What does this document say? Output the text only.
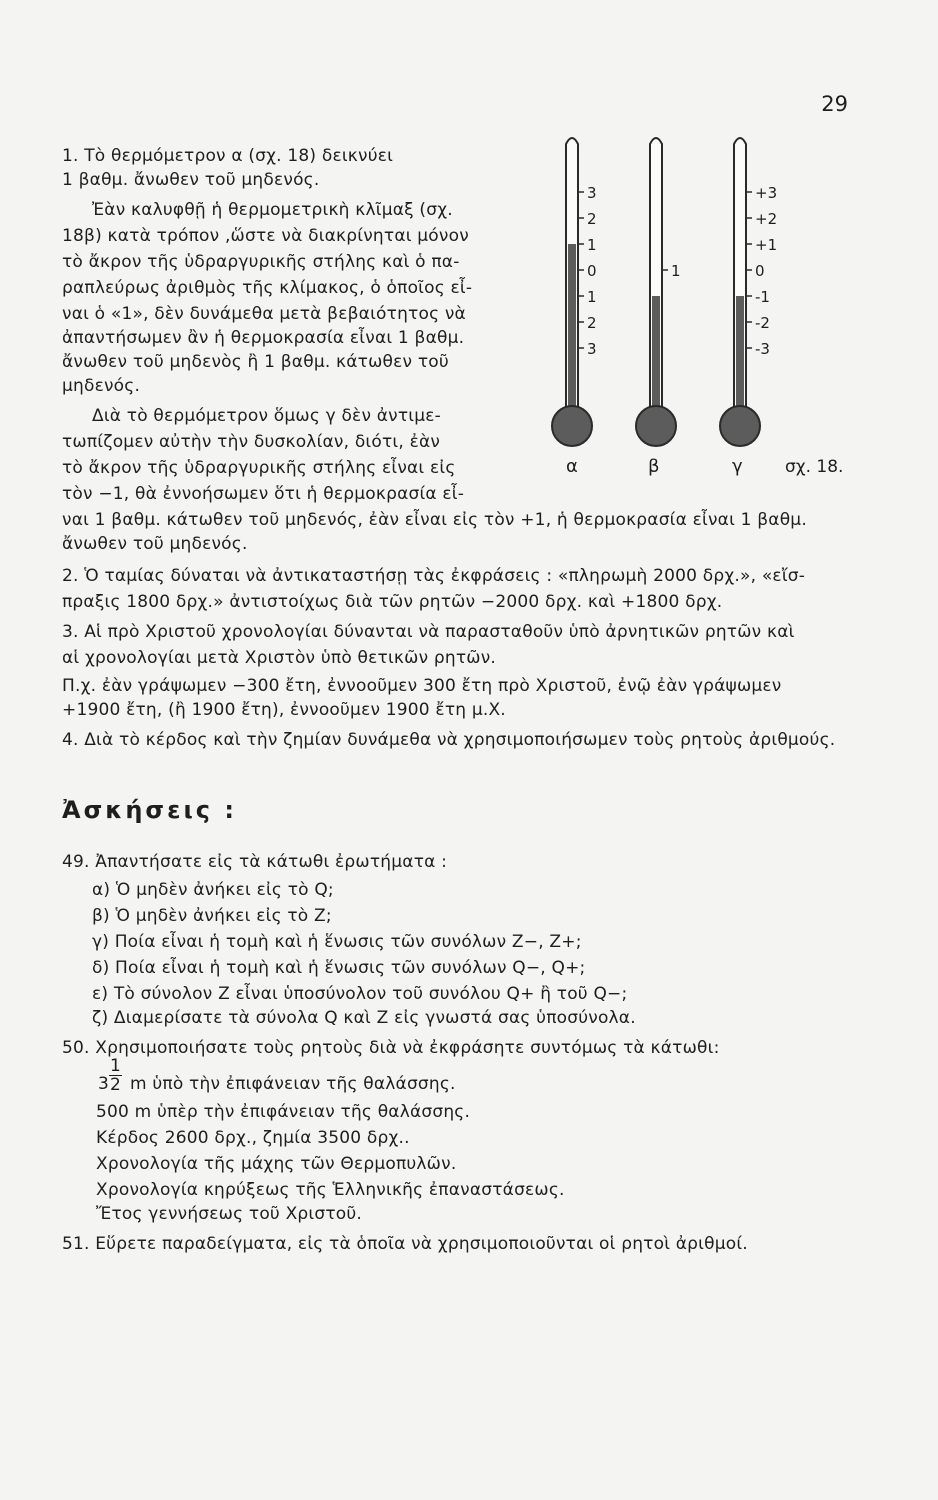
29
3
2
1
0
1
2
3
1
+3
+2
+1
0
-1
-2
-3
α	β	γ σχ. 18.
1. Τὸ θερμόμετρον α (σχ. 18) δεικνύει
1 βαθμ. ἄνωθεν τοῦ μηδενός.
Ἐὰν καλυφθῇ ἡ θερμομετρικὴ κλῖμαξ (σχ.
18β) κατὰ τρόπον ,ὥστε νὰ διακρίνηται μόνον
τὸ ἄκρον τῆς ὑδραργυρικῆς στήλης καὶ ὁ πα-
ραπλεύρως ἀριθμὸς τῆς κλίμακος, ὁ ὁποῖος εἶ-
ναι ὁ «1», δὲν δυνάμεθα μετὰ βεβαιότητος νὰ
ἀπαντήσωμεν ἂν ἡ θερμοκρασία εἶναι 1 βαθμ.
ἄνωθεν τοῦ μηδενὸς ἢ 1 βαθμ. κάτωθεν τοῦ
μηδενός.
Διὰ τὸ θερμόμετρον ὅμως γ δὲν ἀντιμε-
τωπίζομεν αὐτὴν τὴν δυσκολίαν, διότι, ἐὰν
τὸ ἄκρον τῆς ὑδραργυρικῆς στήλης εἶναι εἰς
τὸν −1, θὰ ἐννοήσωμεν ὅτι ἡ θερμοκρασία εἶ-
ναι 1 βαθμ. κάτωθεν τοῦ μηδενός, ἐὰν εἶναι εἰς τὸν +1, ἡ θερμοκρασία εἶναι 1 βαθμ.
ἄνωθεν τοῦ μηδενός.
2. Ὁ ταμίας δύναται νὰ ἀντικαταστήσῃ τὰς ἐκφράσεις : «πληρωμὴ 2000 δρχ.», «εἴσ-
πραξις 1800 δρχ.» ἀντιστοίχως διὰ τῶν ρητῶν −2000 δρχ. καὶ +1800 δρχ.
3. Αἱ πρὸ Χριστοῦ χρονολογίαι δύνανται νὰ παρασταθοῦν ὑπὸ ἀρνητικῶν ρητῶν καὶ
αἱ χρονολογίαι μετὰ Χριστὸν ὑπὸ θετικῶν ρητῶν.
Π.χ. ἐὰν γράψωμεν −300 ἔτη, ἐννοοῦμεν 300 ἔτη πρὸ Χριστοῦ, ἐνῷ ἐὰν γράψωμεν
+1900 ἔτη, (ἢ 1900 ἔτη), ἐννοοῦμεν 1900 ἔτη μ.Χ.
4. Διὰ τὸ κέρδος καὶ τὴν ζημίαν δυνάμεθα νὰ χρησιμοποιήσωμεν τοὺς ρητοὺς ἀριθμούς.
Ἀσκήσεις :
49. Ἀπαντήσατε εἰς τὰ κάτωθι ἐρωτήματα :
α) Ὁ μηδὲν ἀνήκει εἰς τὸ Q;
β) Ὁ μηδὲν ἀνήκει εἰς τὸ Z;
γ) Ποία εἶναι ἡ τομὴ καὶ ἡ ἕνωσις τῶν συνόλων Z−, Z+;
δ) Ποία εἶναι ἡ τομὴ καὶ ἡ ἕνωσις τῶν συνόλων Q−, Q+;
ε) Τὸ σύνολον Z εἶναι ὑποσύνολον τοῦ συνόλου Q+ ἢ τοῦ Q−;
ζ) Διαμερίσατε τὰ σύνολα Q καὶ Z εἰς γνωστά σας ὑποσύνολα.
50. Χρησιμοποιήσατε τοὺς ρητοὺς διὰ νὰ ἐκφράσητε συντόμως τὰ κάτωθι:
$3 \frac{1}{2}$ m ὑπὸ τὴν ἐπιφάνειαν τῆς θαλάσσης.
500 m ὑπὲρ τὴν ἐπιφάνειαν τῆς θαλάσσης.
Κέρδος 2600 δρχ., ζημία 3500 δρχ..
Χρονολογία τῆς μάχης τῶν Θερμοπυλῶν.
Χρονολογία κηρύξεως τῆς Ἑλληνικῆς ἐπαναστάσεως.
Ἔτος γεννήσεως τοῦ Χριστοῦ.
51. Εὕρετε παραδείγματα, εἰς τὰ ὁποῖα νὰ χρησιμοποιοῦνται οἱ ρητοὶ ἀριθμοί.
